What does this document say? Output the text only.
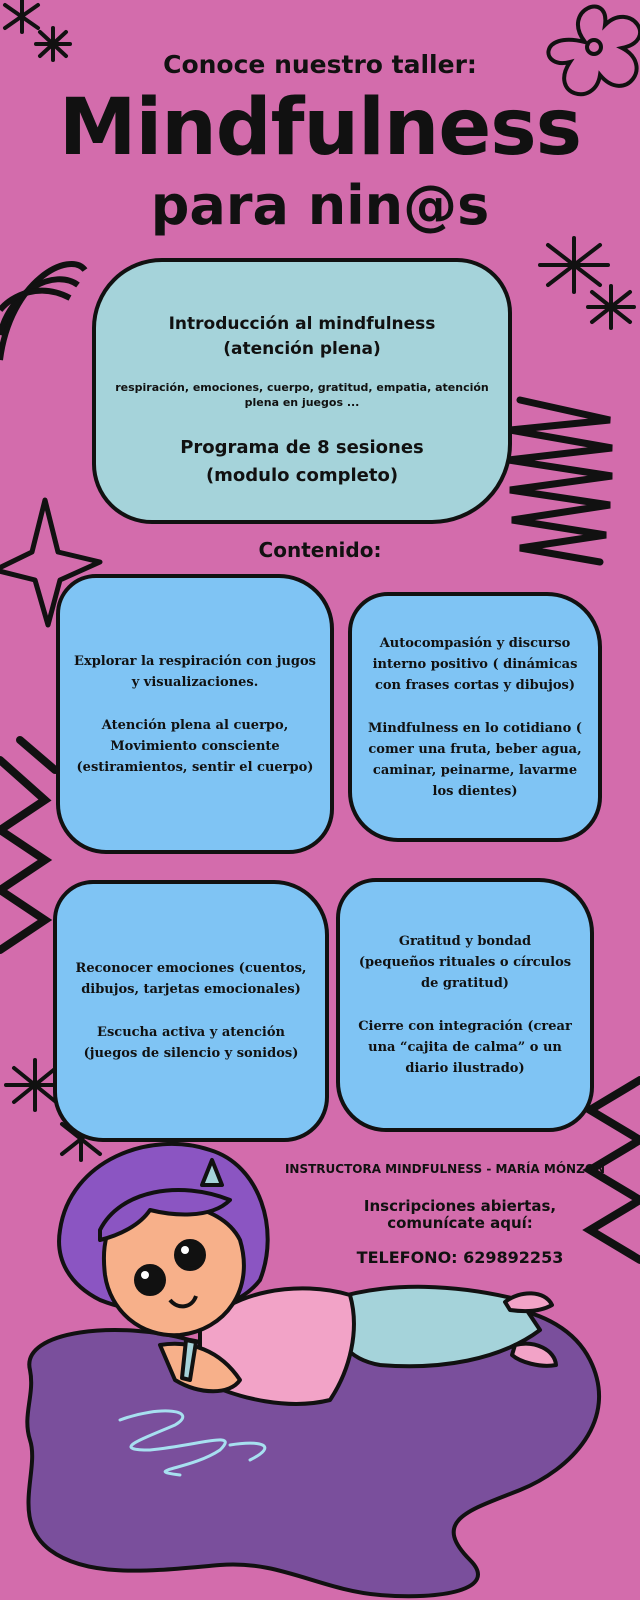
Conoce nuestro taller:
Mindfulness
para nin@s
Introducción al mindfulness
(atención plena)
respiración, emociones, cuerpo, gratitud, empatia, atención plena en juegos ...
Programa de 8 sesiones
(modulo completo)
Contenido:

Explorar la respiración con jugos y visualizaciones.

Atención plena al cuerpo, Movimiento consciente (estiramientos, sentir el cuerpo)

Autocompasión y discurso interno positivo ( dinámicas con frases cortas y dibujos)

Mindfulness en lo cotidiano ( comer una fruta, beber agua, caminar, peinarme, lavarme los dientes)

Reconocer emociones (cuentos, dibujos, tarjetas emocionales)

Escucha activa y atención (juegos de silencio y sonidos)

Gratitud y bondad
(pequeños rituales o círculos de gratitud)

Cierre con integración (crear una “cajita de calma” o un diario ilustrado)

INSTRUCTORA MINDFULNESS - MARÍA MÓNZON
Inscripciones abiertas,
comunícate aquí:
TELEFONO: 629892253
